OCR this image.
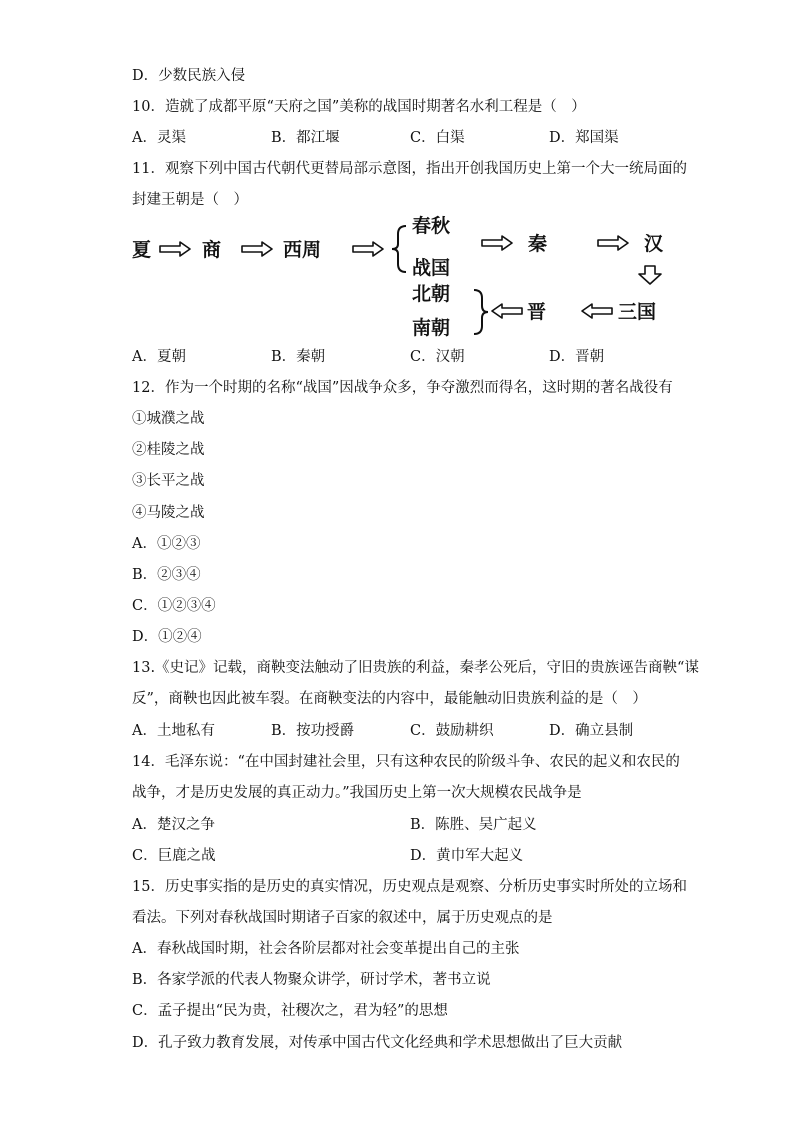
D．少数民族入侵
10．造就了成都平原“天府之国”美称的战国时期著名水利工程是（　）
A．灵渠	B．都江堰	C．白渠	D．郑国渠
11．观察下列中国古代朝代更替局部示意图，指出开创我国历史上第一个大一统局面的
封建王朝是（　）
夏	商	西周
春秋
战国
秦	汉
北朝
南朝
晋	三国
A．夏朝	B．秦朝	C．汉朝	D．晋朝
12．作为一个时期的名称“战国”因战争众多，争夺激烈而得名，这时期的著名战役有
①城濮之战
②桂陵之战
③长平之战
④马陵之战
A．①②③
B．②③④
C．①②③④
D．①②④
13.《史记》记载，商鞅变法触动了旧贵族的利益，秦孝公死后，守旧的贵族诬告商鞅“谋
反”，商鞅也因此被车裂。在商鞅变法的内容中，最能触动旧贵族利益的是（　）
A．土地私有	B．按功授爵	C．鼓励耕织	D．确立县制
14．毛泽东说：“在中国封建社会里，只有这种农民的阶级斗争、农民的起义和农民的
战争，才是历史发展的真正动力。”我国历史上第一次大规模农民战争是
A．楚汉之争	B．陈胜、吴广起义
C．巨鹿之战	D．黄巾军大起义
15．历史事实指的是历史的真实情况，历史观点是观察、分析历史事实时所处的立场和
看法。下列对春秋战国时期诸子百家的叙述中，属于历史观点的是
A．春秋战国时期，社会各阶层都对社会变革提出自己的主张
B．各家学派的代表人物聚众讲学，研讨学术，著书立说
C．孟子提出“民为贵，社稷次之，君为轻”的思想
D．孔子致力教育发展，对传承中国古代文化经典和学术思想做出了巨大贡献
